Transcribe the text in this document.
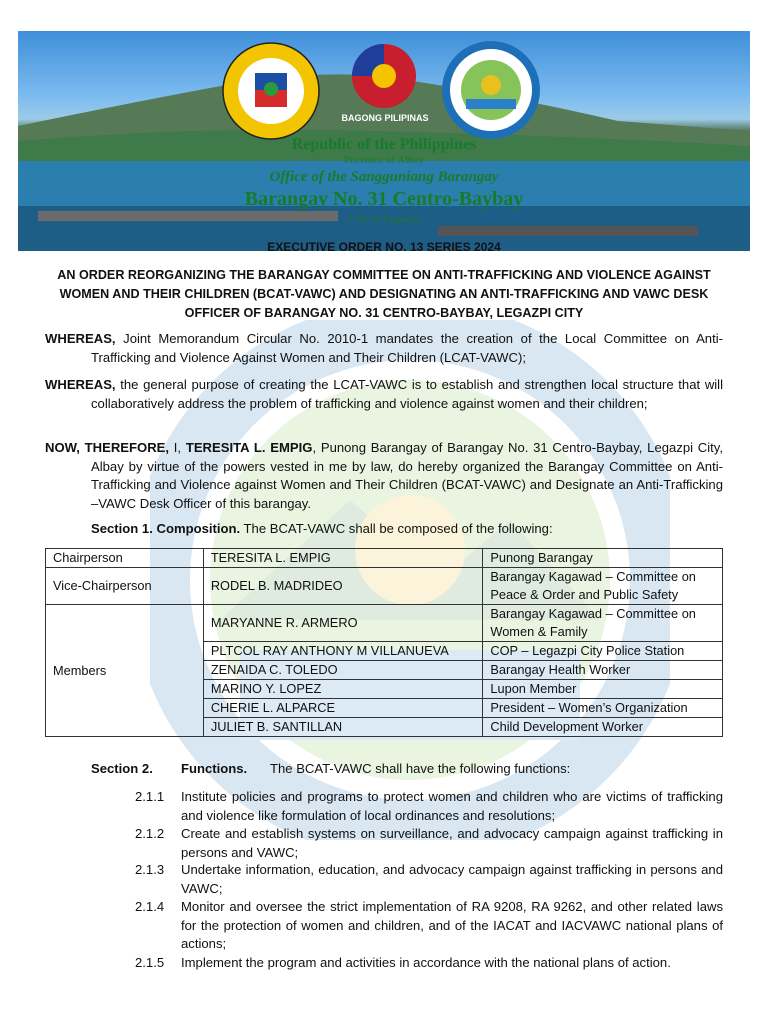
BAGONG PILIPINAS
Republic of the Philippines
Province of Albay
Office of the Sangguniang Barangay
Barangay No. 31 Centro-Baybay
City of Legazpi
EXECUTIVE ORDER NO. 13 SERIES 2024
AN ORDER REORGANIZING THE BARANGAY COMMITTEE ON ANTI-TRAFFICKING AND VIOLENCE AGAINST WOMEN AND THEIR CHILDREN (BCAT-VAWC) AND DESIGNATING AN ANTI-TRAFFICKING AND VAWC DESK OFFICER OF BARANGAY NO. 31 CENTRO-BAYBAY, LEGAZPI CITY

WHEREAS, Joint Memorandum Circular No. 2010-1 mandates the creation of the Local Committee on Anti-Trafficking and Violence Against Women and Their Children (LCAT-VAWC);

WHEREAS, the general purpose of creating the LCAT-VAWC is to establish and strengthen local structure that will collaboratively address the problem of trafficking and violence against women and their children;

NOW, THEREFORE, I, TERESITA L. EMPIG, Punong Barangay of Barangay No. 31 Centro-Baybay, Legazpi City, Albay by virtue of the powers vested in me by law, do hereby organized the Barangay Committee on Anti-Trafficking and Violence against Women and Their Children (BCAT-VAWC) and Designate an Anti-Trafficking –VAWC Desk Officer of this barangay.

Section 1. Composition. The BCAT-VAWC shall be composed of the following:

Chairperson	TERESITA L. EMPIG	Punong Barangay
Vice-Chairperson	RODEL B. MADRIDEO	Barangay Kagawad – Committee on Peace & Order and Public Safety
Members	MARYANNE R. ARMERO	Barangay Kagawad – Committee on Women & Family
	PLTCOL RAY ANTHONY M VILLANUEVA	COP – Legazpi City Police Station
	ZENAIDA C. TOLEDO	Barangay Health Worker
	MARINO Y. LOPEZ	Lupon Member
	CHERIE L. ALPARCE	President – Women’s Organization
	JULIET B. SANTILLAN	Child Development Worker
Section 2. Functions. The BCAT-VAWC shall have the following functions:
2.1.1 Institute policies and programs to protect women and children who are victims of trafficking and violence like formulation of local ordinances and resolutions;
2.1.2 Create and establish systems on surveillance, and advocacy campaign against trafficking in persons and VAWC;
2.1.3 Undertake information, education, and advocacy campaign against trafficking in persons and VAWC;
2.1.4 Monitor and oversee the strict implementation of RA 9208, RA 9262, and other related laws for the protection of women and children, and of the IACAT and IACVAWC national plans of actions;
2.1.5 Implement the program and activities in accordance with the national plans of action.
